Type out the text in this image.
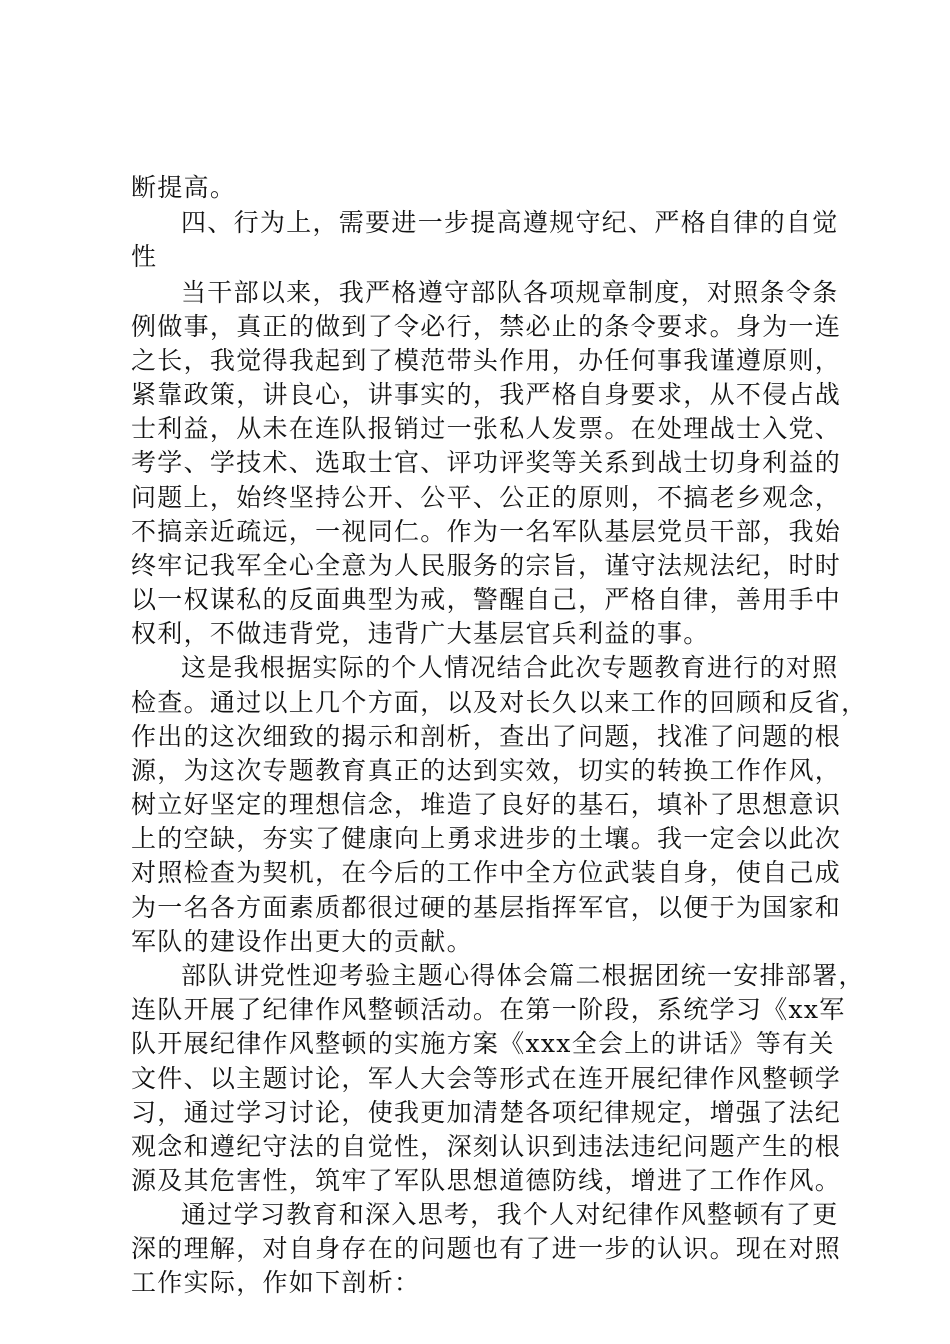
断提高。
四、行为上，需要进一步提高遵规守纪、严格自律的自觉
性
当干部以来，我严格遵守部队各项规章制度，对照条令条
例做事，真正的做到了令必行，禁必止的条令要求。身为一连
之长，我觉得我起到了模范带头作用，办任何事我谨遵原则，
紧靠政策，讲良心，讲事实的，我严格自身要求，从不侵占战
士利益，从未在连队报销过一张私人发票。在处理战士入党、
考学、学技术、选取士官、评功评奖等关系到战士切身利益的
问题上，始终坚持公开、公平、公正的原则，不搞老乡观念，
不搞亲近疏远，一视同仁。作为一名军队基层党员干部，我始
终牢记我军全心全意为人民服务的宗旨，谨守法规法纪，时时
以一权谋私的反面典型为戒，警醒自己，严格自律，善用手中
权利，不做违背党，违背广大基层官兵利益的事。
这是我根据实际的个人情况结合此次专题教育进行的对照
检查。通过以上几个方面，以及对长久以来工作的回顾和反省，
作出的这次细致的揭示和剖析，查出了问题，找准了问题的根
源，为这次专题教育真正的达到实效，切实的转换工作作风，
树立好坚定的理想信念，堆造了良好的基石，填补了思想意识
上的空缺，夯实了健康向上勇求进步的土壤。我一定会以此次
对照检查为契机，在今后的工作中全方位武装自身，使自己成
为一名各方面素质都很过硬的基层指挥军官，以便于为国家和
军队的建设作出更大的贡献。
部队讲党性迎考验主题心得体会篇二根据团统一安排部署，
连队开展了纪律作风整顿活动。在第一阶段，系统学习《xx军
队开展纪律作风整顿的实施方案《xxx全会上的讲话》等有关
文件、以主题讨论，军人大会等形式在连开展纪律作风整顿学
习，通过学习讨论，使我更加清楚各项纪律规定，增强了法纪
观念和遵纪守法的自觉性，深刻认识到违法违纪问题产生的根
源及其危害性，筑牢了军队思想道德防线，增进了工作作风。
通过学习教育和深入思考，我个人对纪律作风整顿有了更
深的理解，对自身存在的问题也有了进一步的认识。现在对照
工作实际，作如下剖析：
